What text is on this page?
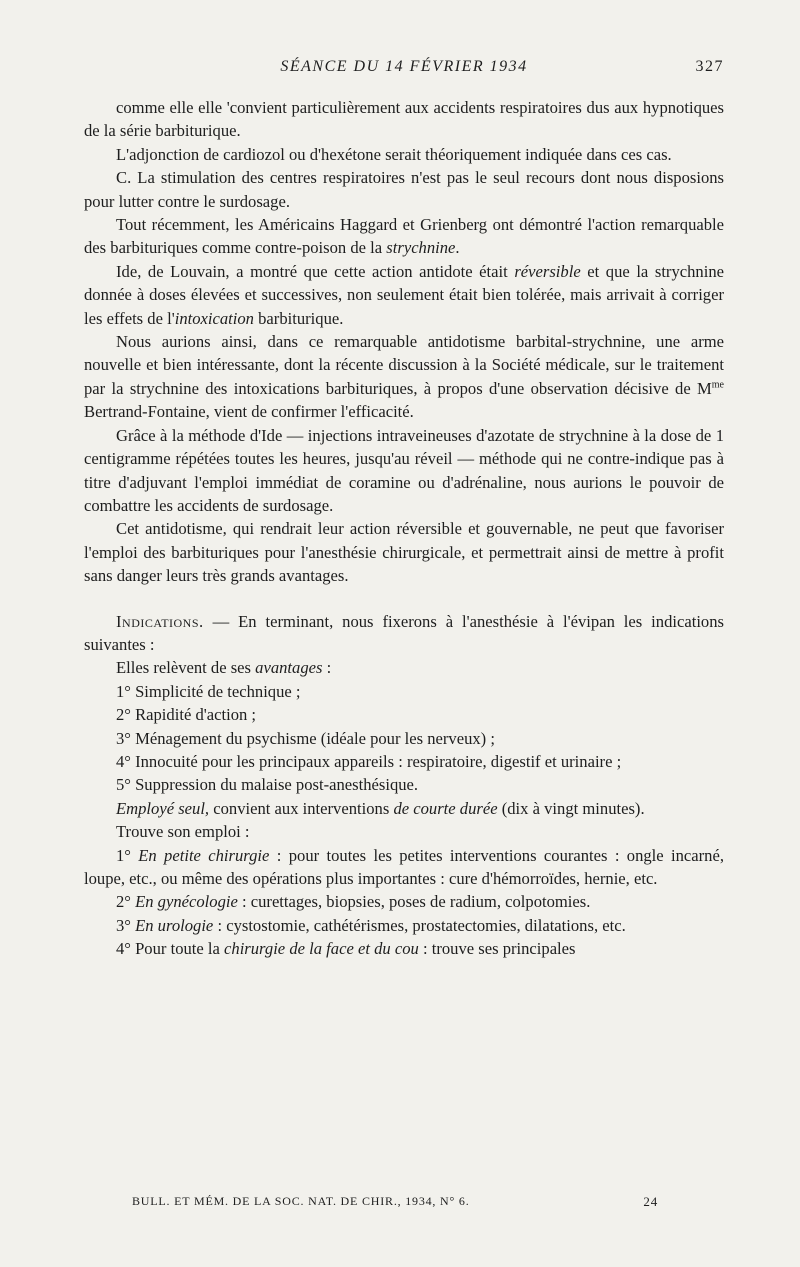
SÉANCE DU 14 FÉVRIER 1934	327

comme elle elle 'convient particulièrement aux accidents respiratoires dus aux hypnotiques de la série barbiturique.

L'adjonction de cardiozol ou d'hexétone serait théoriquement indiquée dans ces cas.

C. La stimulation des centres respiratoires n'est pas le seul recours dont nous disposions pour lutter contre le surdosage.

Tout récemment, les Américains Haggard et Grienberg ont démontré l'action remarquable des barbituriques comme contre-poison de la strychnine.

Ide, de Louvain, a montré que cette action antidote était réversible et que la strychnine donnée à doses élevées et successives, non seulement était bien tolérée, mais arrivait à corriger les effets de l'intoxication barbiturique.

Nous aurions ainsi, dans ce remarquable antidotisme barbital-strychnine, une arme nouvelle et bien intéressante, dont la récente discussion à la Société médicale, sur le traitement par la strychnine des intoxications barbituriques, à propos d'une observation décisive de $M^{me}$ Bertrand-Fontaine, vient de confirmer l'efficacité.

Grâce à la méthode d'Ide — injections intraveineuses d'azotate de strychnine à la dose de 1 centigramme répétées toutes les heures, jusqu'au réveil — méthode qui ne contre-indique pas à titre d'adjuvant l'emploi immédiat de coramine ou d'adrénaline, nous aurions le pouvoir de combattre les accidents de surdosage.

Cet antidotisme, qui rendrait leur action réversible et gouvernable, ne peut que favoriser l'emploi des barbituriques pour l'anesthésie chirurgicale, et permettrait ainsi de mettre à profit sans danger leurs très grands avantages.

Indications. — En terminant, nous fixerons à l'anesthésie à l'évipan les indications suivantes :

Elles relèvent de ses avantages :

1° Simplicité de technique ;

2° Rapidité d'action ;

3° Ménagement du psychisme (idéale pour les nerveux) ;

4° Innocuité pour les principaux appareils : respiratoire, digestif et urinaire ;

5° Suppression du malaise post-anesthésique.

Employé seul, convient aux interventions de courte durée (dix à vingt minutes).

Trouve son emploi :

1° En petite chirurgie : pour toutes les petites interventions courantes : ongle incarné, loupe, etc., ou même des opérations plus importantes : cure d'hémorroïdes, hernie, etc.

2° En gynécologie : curettages, biopsies, poses de radium, colpotomies.

3° En urologie : cystostomie, cathétérismes, prostatectomies, dilatations, etc.

4° Pour toute la chirurgie de la face et du cou : trouve ses principales

BULL. ET MÉM. DE LA SOC. NAT. DE CHIR., 1934, N° 6.	24
